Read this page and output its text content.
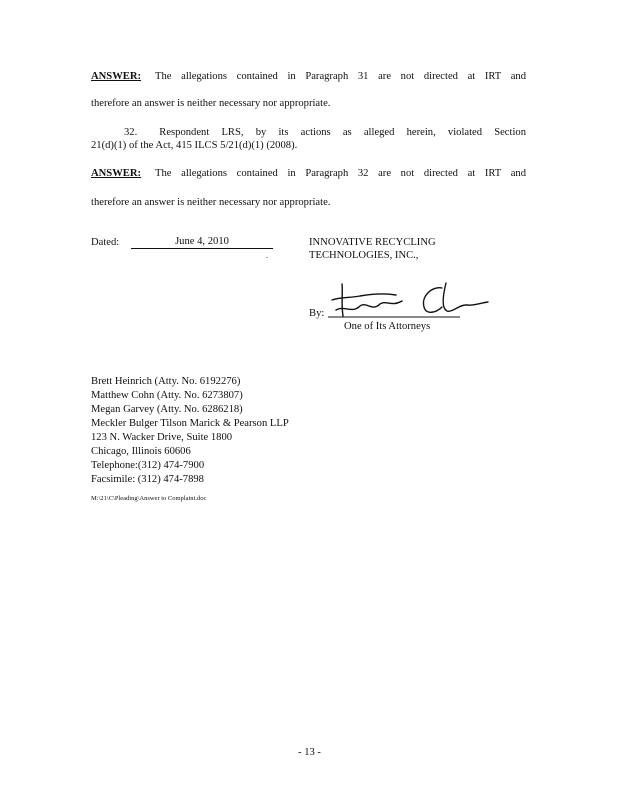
ANSWER: The allegations contained in Paragraph 31 are not directed at IRT and
therefore an answer is neither necessary nor appropriate.
32. Respondent LRS, by its actions as alleged herein, violated Section
21(d)(1) of the Act, 415 ILCS 5/21(d)(1) (2008).
ANSWER: The allegations contained in Paragraph 32 are not directed at IRT and
therefore an answer is neither necessary nor appropriate.
Dated:	June 4, 2010
.
INNOVATIVE RECYCLING
TECHNOLOGIES, INC.,
By:
One of Its Attorneys
Brett Heinrich (Atty. No. 6192276)
Matthew Cohn (Atty. No. 6273807)
Megan Garvey (Atty. No. 6286218)
Meckler Bulger Tilson Marick & Pearson LLP
123 N. Wacker Drive, Suite 1800
Chicago, Illinois 60606
Telephone:(312) 474-7900
Facsimile: (312) 474-7898
M:\21\C\Pleading\Answer to Complaint.doc
- 13 -
